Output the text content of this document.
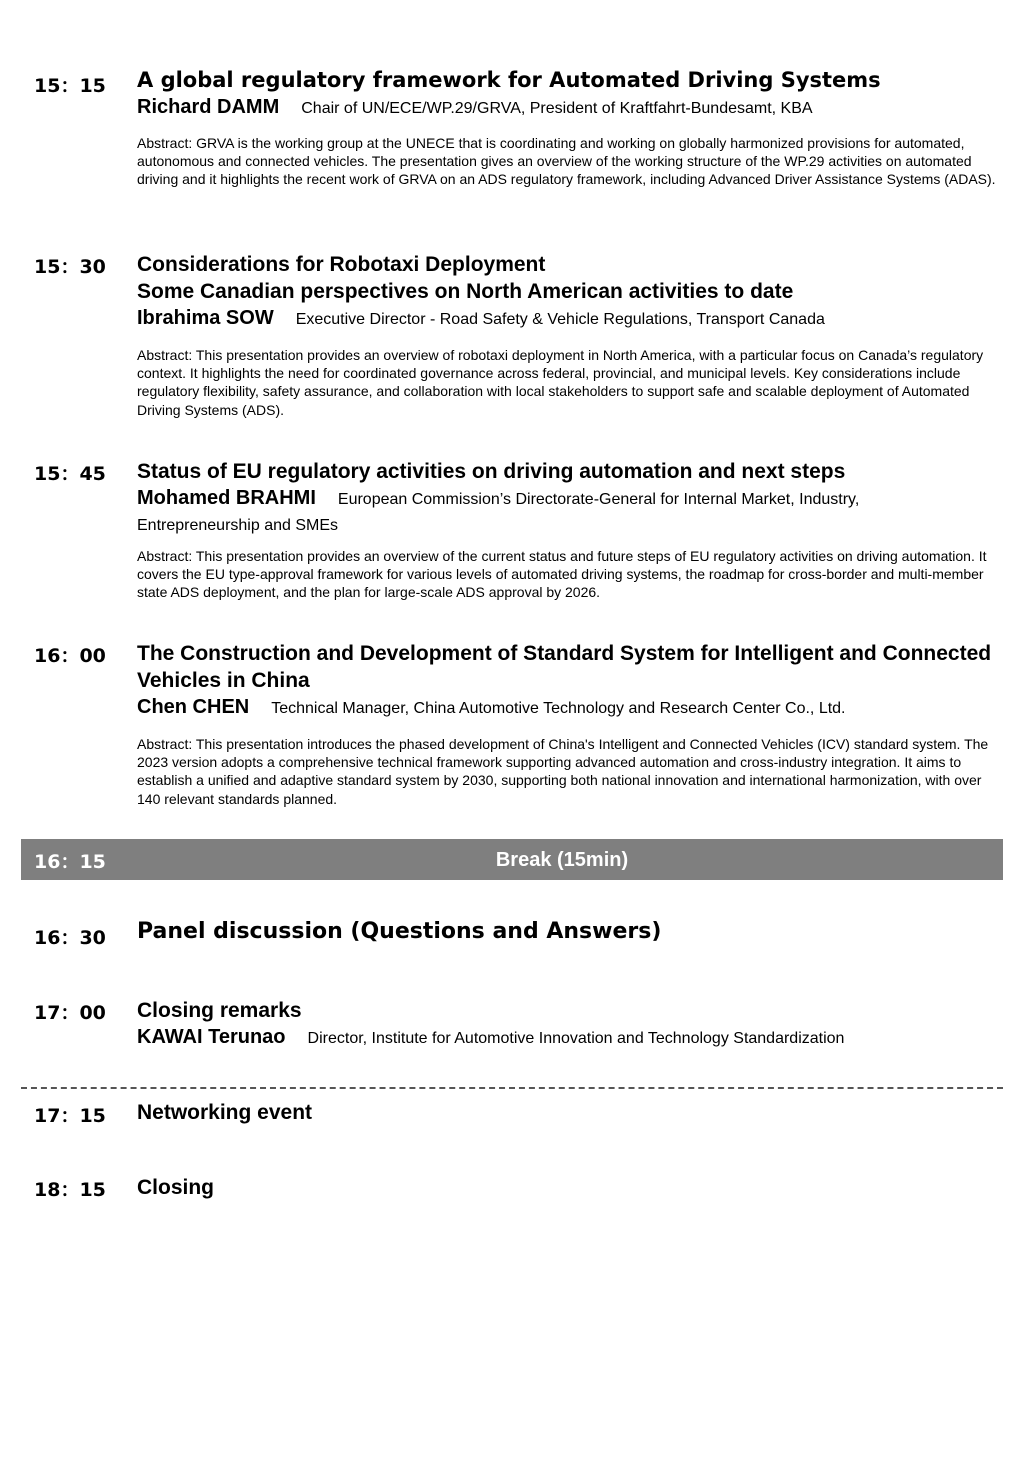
15：15	A global regulatory framework for Automated Driving Systems
Richard DAMM Chair of UN/ECE/WP.29/GRVA, President of Kraftfahrt-Bundesamt, KBA
Abstract: GRVA is the working group at the UNECE that is coordinating and working on globally harmonized provisions for automated, autonomous and connected vehicles. The presentation gives an overview of the working structure of the WP.29 activities on automated driving and it highlights the recent work of GRVA on an ADS regulatory framework, including Advanced Driver Assistance Systems (ADAS).
15：30	Considerations for Robotaxi Deployment
Some Canadian perspectives on North American activities to date
Ibrahima SOW Executive Director - Road Safety & Vehicle Regulations, Transport Canada
Abstract: This presentation provides an overview of robotaxi deployment in North America, with a particular focus on Canada’s regulatory context. It highlights the need for coordinated governance across federal, provincial, and municipal levels. Key considerations include regulatory flexibility, safety assurance, and collaboration with local stakeholders to support safe and scalable deployment of Automated Driving Systems (ADS).
15：45	Status of EU regulatory activities on driving automation and next steps
Mohamed BRAHMI European Commission’s Directorate-General for Internal Market, Industry,
Entrepreneurship and SMEs
Abstract: This presentation provides an overview of the current status and future steps of EU regulatory activities on driving automation. It covers the EU type-approval framework for various levels of automated driving systems, the roadmap for cross-border and multi-member state ADS deployment, and the plan for large-scale ADS approval by 2026.
16：00	The Construction and Development of Standard System for Intelligent and Connected Vehicles in China
Chen CHEN Technical Manager, China Automotive Technology and Research Center Co., Ltd.
Abstract: This presentation introduces the phased development of China's Intelligent and Connected Vehicles (ICV) standard system. The 2023 version adopts a comprehensive technical framework supporting advanced automation and cross-industry integration. It aims to establish a unified and adaptive standard system by 2030, supporting both national innovation and international harmonization, with over 140 relevant standards planned.
16：15	Break (15min)
16：30	Panel discussion (Questions and Answers)
17：00	Closing remarks
KAWAI Terunao Director, Institute for Automotive Innovation and Technology Standardization
17：15	Networking event
18：15	Closing
